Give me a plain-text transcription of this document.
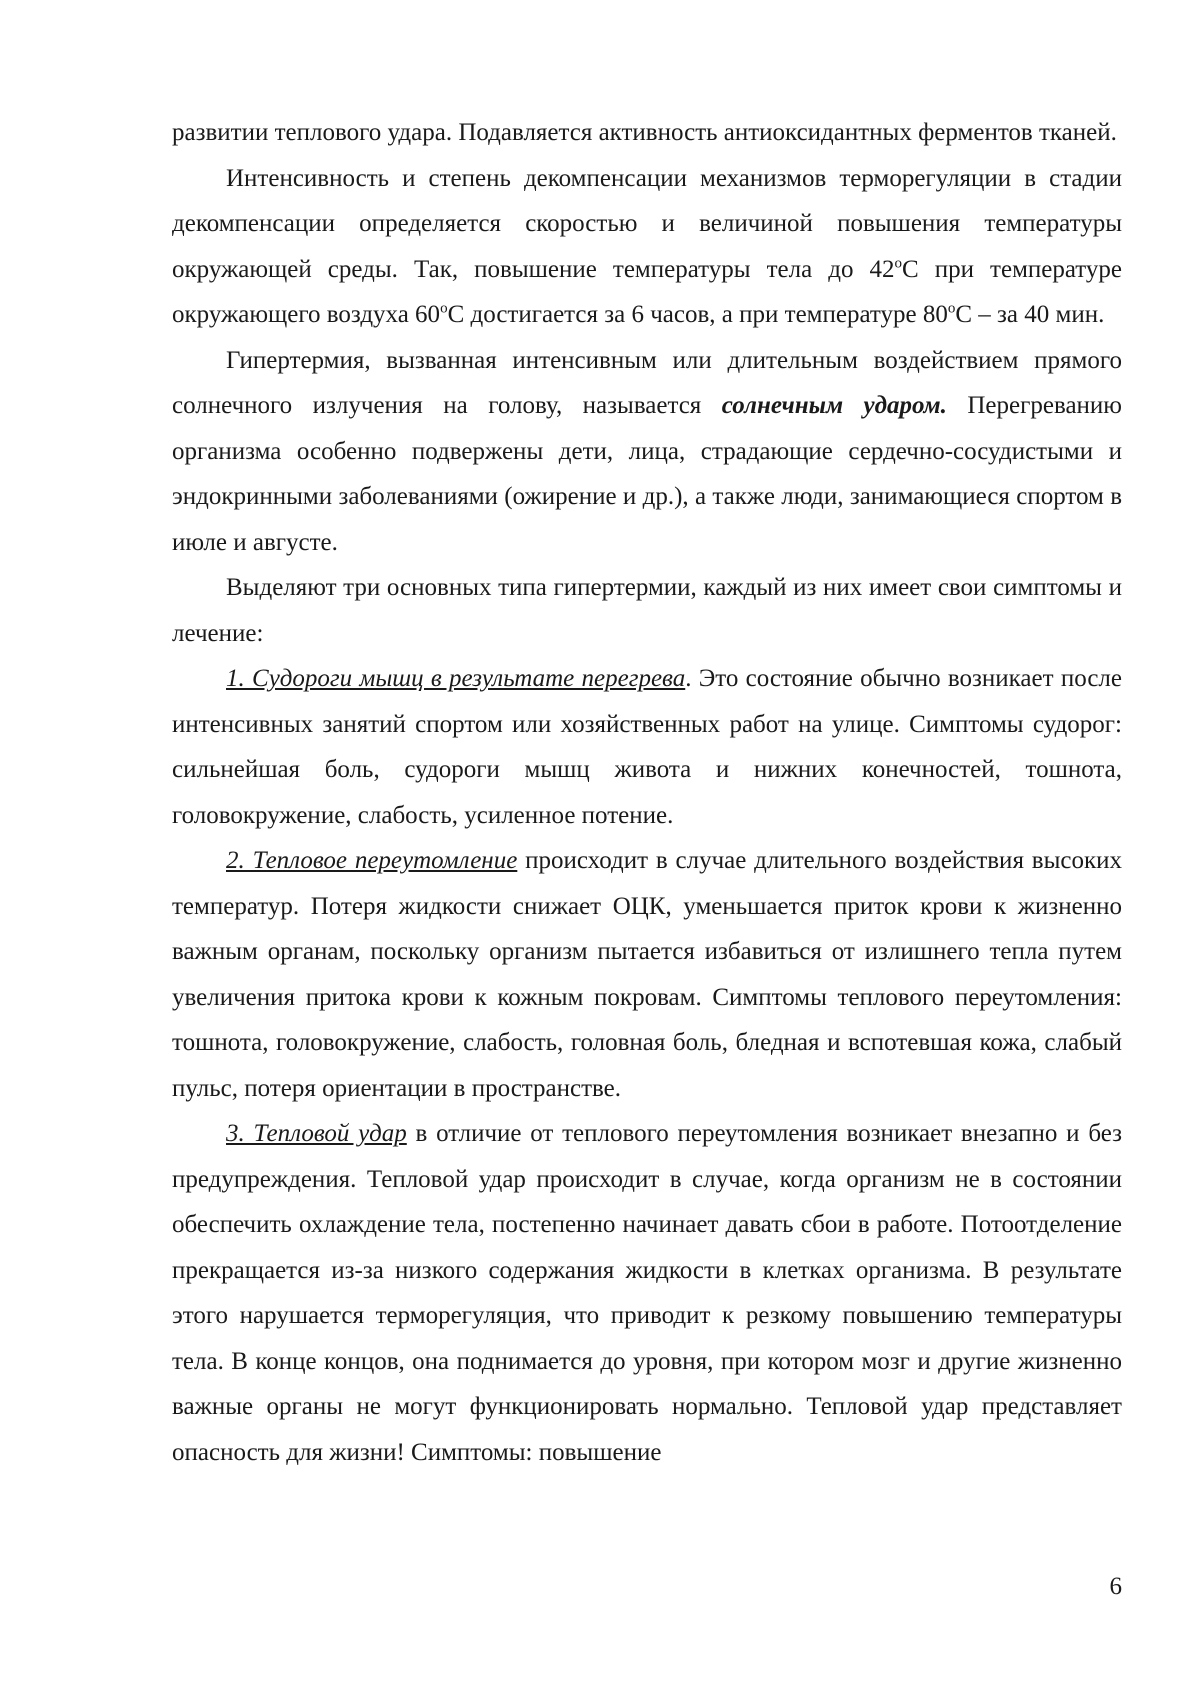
развитии теплового удара. Подавляется активность антиоксидантных ферментов тканей.

Интенсивность и степень декомпенсации механизмов терморегуляции в стадии декомпенсации определяется скоростью и величиной повышения температуры окружающей среды. Так, повышение температуры тела до $42^оС$ при температуре окружающего воздуха $60^оС$ достигается за 6 часов, а при температуре $80^оС$ – за 40 мин.

Гипертермия, вызванная интенсивным или длительным воздействием прямого солнечного излучения на голову, называется солнечным ударом. Перегреванию организма особенно подвержены дети, лица, страдающие сердечно-сосудистыми и эндокринными заболеваниями (ожирение и др.), а также люди, занимающиеся спортом в июле и августе.

Выделяют три основных типа гипертермии, каждый из них имеет свои симптомы и лечение:

1. Судороги мышц в результате перегрева. Это состояние обычно возникает после интенсивных занятий спортом или хозяйственных работ на улице. Симптомы судорог: сильнейшая боль, судороги мышц живота и нижних конечностей, тошнота, головокружение, слабость, усиленное потение.

2. Тепловое переутомление происходит в случае длительного воздействия высоких температур. Потеря жидкости снижает ОЦК, уменьшается приток крови к жизненно важным органам, поскольку организм пытается избавиться от излишнего тепла путем увеличения притока крови к кожным покровам. Симптомы теплового переутомления: тошнота, головокружение, слабость, головная боль, бледная и вспотевшая кожа, слабый пульс, потеря ориентации в пространстве.

3. Тепловой удар в отличие от теплового переутомления возникает внезапно и без предупреждения. Тепловой удар происходит в случае, когда организм не в состоянии обеспечить охлаждение тела, постепенно начинает давать сбои в работе. Потоотделение прекращается из-за низкого содержания жидкости в клетках организма. В результате этого нарушается терморегуляция, что приводит к резкому повышению температуры тела. В конце концов, она поднимается до уровня, при котором мозг и другие жизненно важные органы не могут функционировать нормально. Тепловой удар представляет опасность для жизни! Симптомы: повышение

6
